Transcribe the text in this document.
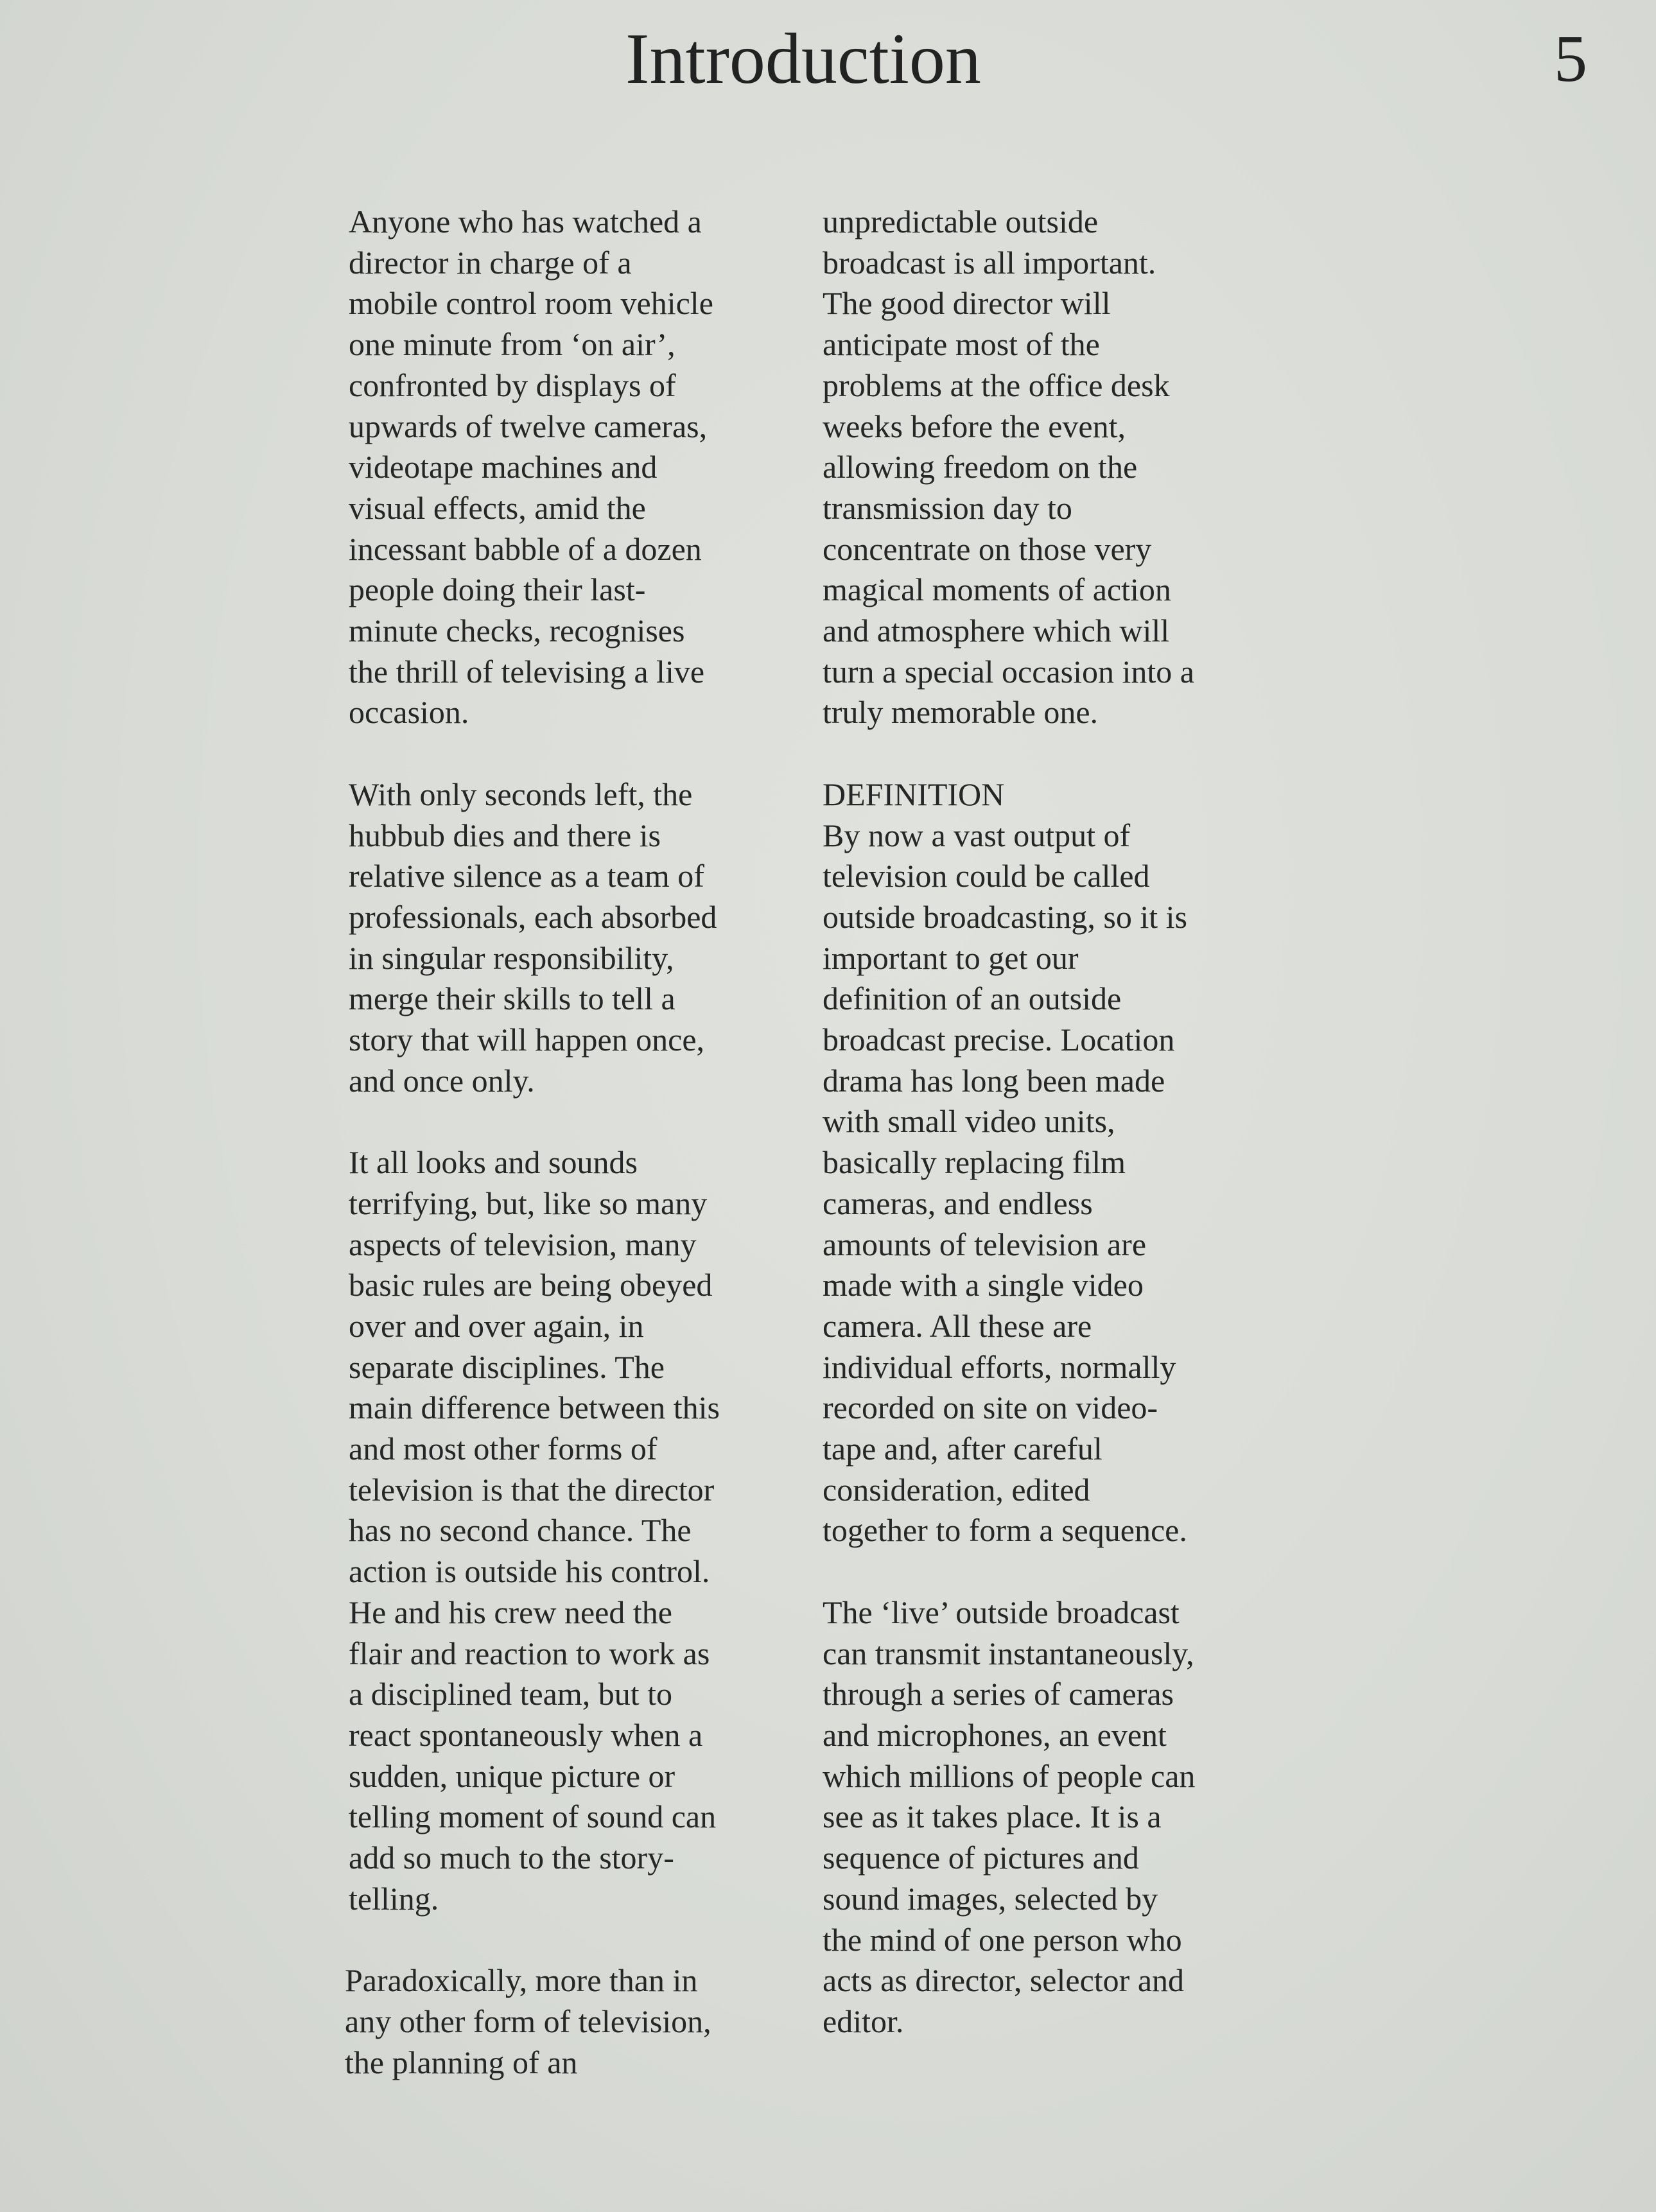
Introduction	5

Anyone who has watched a
director in charge of a
mobile control room vehicle
one minute from ‘on air’,
confronted by displays of
upwards of twelve cameras,
videotape machines and
visual effects, amid the
incessant babble of a dozen
people doing their last-
minute checks, recognises
the thrill of televising a live
occasion.

With only seconds left, the
hubbub dies and there is
relative silence as a team of
professionals, each absorbed
in singular responsibility,
merge their skills to tell a
story that will happen once,
and once only.

It all looks and sounds
terrifying, but, like so many
aspects of television, many
basic rules are being obeyed
over and over again, in
separate disciplines. The
main difference between this
and most other forms of
television is that the director
has no second chance. The
action is outside his control.
He and his crew need the
flair and reaction to work as
a disciplined team, but to
react spontaneously when a
sudden, unique picture or
telling moment of sound can
add so much to the story-
telling.

Paradoxically, more than in
any other form of television,
the planning of an

unpredictable outside
broadcast is all important.
The good director will
anticipate most of the
problems at the office desk
weeks before the event,
allowing freedom on the
transmission day to
concentrate on those very
magical moments of action
and atmosphere which will
turn a special occasion into a
truly memorable one.

DEFINITION
By now a vast output of
television could be called
outside broadcasting, so it is
important to get our
definition of an outside
broadcast precise. Location
drama has long been made
with small video units,
basically replacing film
cameras, and endless
amounts of television are
made with a single video
camera. All these are
individual efforts, normally
recorded on site on video-
tape and, after careful
consideration, edited
together to form a sequence.

The ‘live’ outside broadcast
can transmit instantaneously,
through a series of cameras
and microphones, an event
which millions of people can
see as it takes place. It is a
sequence of pictures and
sound images, selected by
the mind of one person who
acts as director, selector and
editor.
